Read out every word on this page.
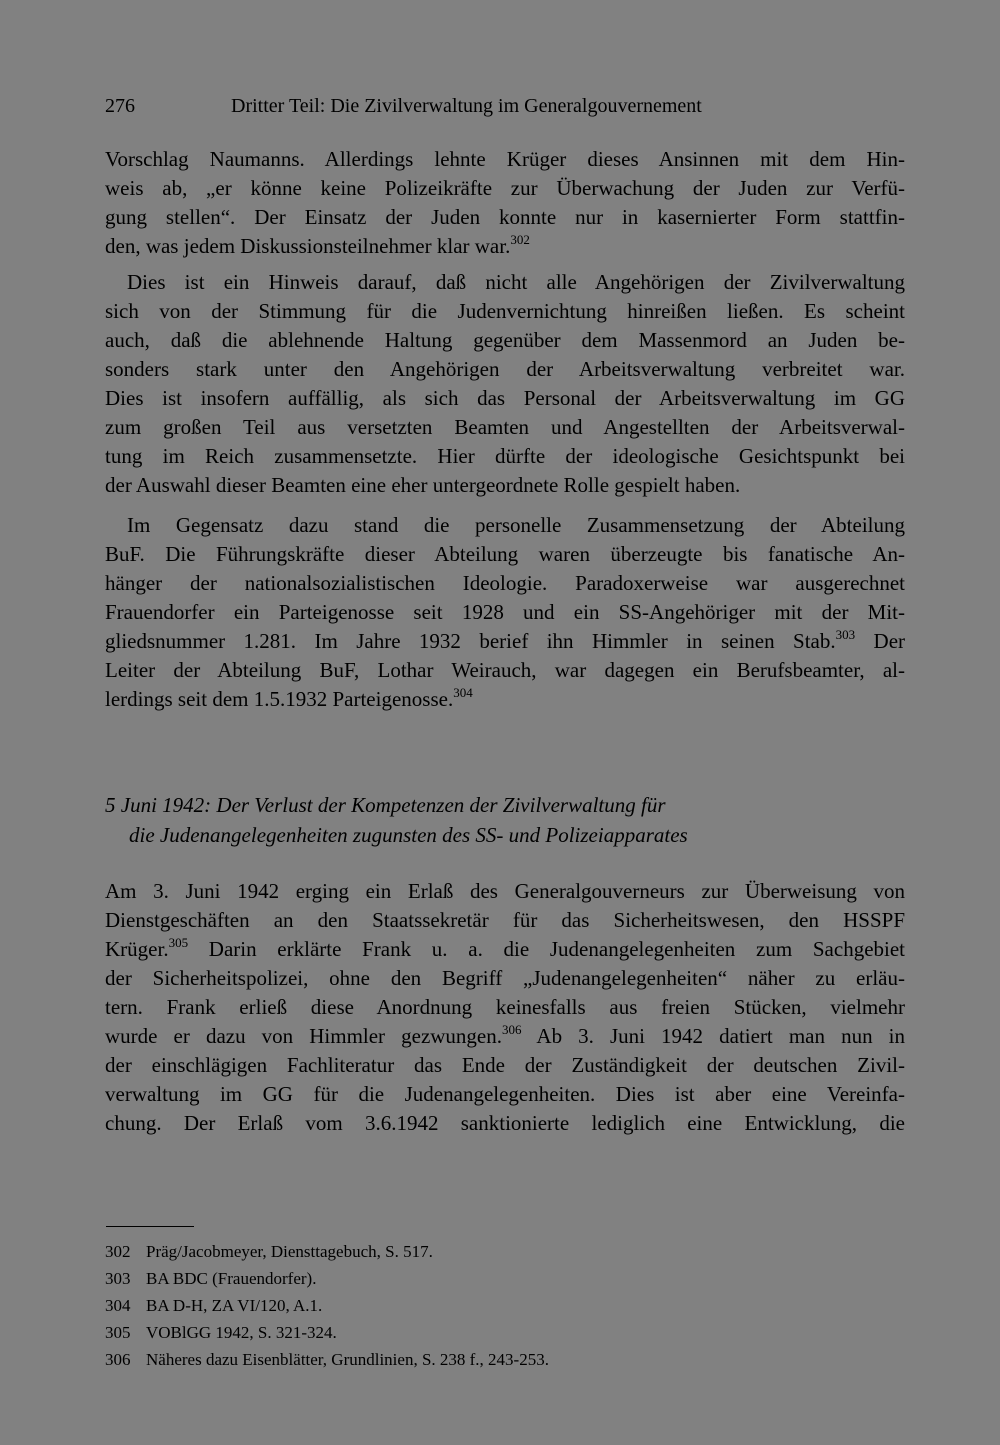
276	Dritter Teil: Die Zivilverwaltung im Generalgouvernement
Vorschlag Naumanns. Allerdings lehnte Krüger dieses Ansinnen mit dem Hin-
weis ab, „er könne keine Polizeikräfte zur Überwachung der Juden zur Verfü-
gung stellen“. Der Einsatz der Juden konnte nur in kasernierter Form stattfin-
den, was jedem Diskussionsteilnehmer klar war.$^{302}$
Dies ist ein Hinweis darauf, daß nicht alle Angehörigen der Zivilverwaltung
sich von der Stimmung für die Judenvernichtung hinreißen ließen. Es scheint
auch, daß die ablehnende Haltung gegenüber dem Massenmord an Juden be-
sonders stark unter den Angehörigen der Arbeitsverwaltung verbreitet war.
Dies ist insofern auffällig, als sich das Personal der Arbeitsverwaltung im GG
zum großen Teil aus versetzten Beamten und Angestellten der Arbeitsverwal-
tung im Reich zusammensetzte. Hier dürfte der ideologische Gesichtspunkt bei
der Auswahl dieser Beamten eine eher untergeordnete Rolle gespielt haben.
Im Gegensatz dazu stand die personelle Zusammensetzung der Abteilung
BuF. Die Führungskräfte dieser Abteilung waren überzeugte bis fanatische An-
hänger der nationalsozialistischen Ideologie. Paradoxerweise war ausgerechnet
Frauendorfer ein Parteigenosse seit 1928 und ein SS-Angehöriger mit der Mit-
gliedsnummer 1.281. Im Jahre 1932 berief ihn Himmler in seinen Stab.$^{303}$ Der
Leiter der Abteilung BuF, Lothar Weirauch, war dagegen ein Berufsbeamter, al-
lerdings seit dem 1.5.1932 Parteigenosse.$^{304}$
5 Juni 1942: Der Verlust der Kompetenzen der Zivilverwaltung für
die Judenangelegenheiten zugunsten des SS- und Polizeiapparates
Am 3. Juni 1942 erging ein Erlaß des Generalgouverneurs zur Überweisung von
Dienstgeschäften an den Staatssekretär für das Sicherheitswesen, den HSSPF
Krüger.$^{305}$ Darin erklärte Frank u. a. die Judenangelegenheiten zum Sachgebiet
der Sicherheitspolizei, ohne den Begriff „Judenangelegenheiten“ näher zu erläu-
tern. Frank erließ diese Anordnung keinesfalls aus freien Stücken, vielmehr
wurde er dazu von Himmler gezwungen.$^{306}$ Ab 3. Juni 1942 datiert man nun in
der einschlägigen Fachliteratur das Ende der Zuständigkeit der deutschen Zivil-
verwaltung im GG für die Judenangelegenheiten. Dies ist aber eine Vereinfa-
chung. Der Erlaß vom 3.6.1942 sanktionierte lediglich eine Entwicklung, die
302 Präg/Jacobmeyer, Diensttagebuch, S. 517.
303 BA BDC (Frauendorfer).
304 BA D-H, ZA VI/120, A.1.
305 VOBlGG 1942, S. 321-324.
306 Näheres dazu Eisenblätter, Grundlinien, S. 238 f., 243-253.
